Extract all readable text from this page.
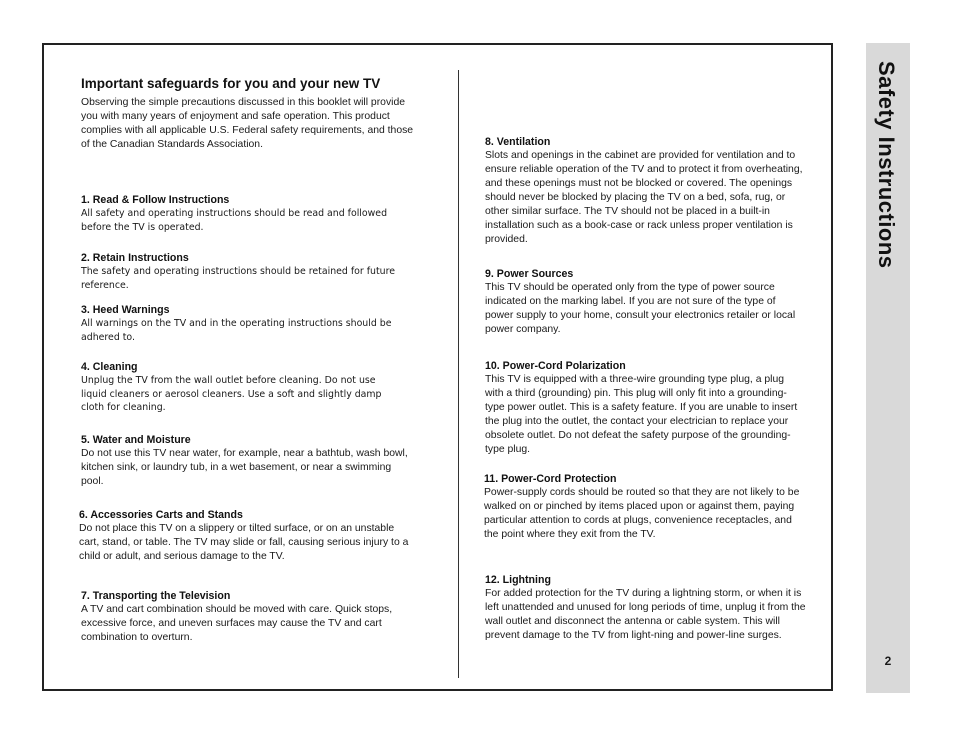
Important safeguards for you and your new TV

Observing the simple precautions discussed in this booklet will provide you with many years of enjoyment and safe operation. This product complies with all applicable U.S. Federal safety requirements, and those of the Canadian Standards Association.

1. Read & Follow Instructions

All safety and operating instructions should be read and followed before the TV is operated.

2. Retain Instructions

The safety and operating instructions should be retained for future reference.

3. Heed Warnings

All warnings on the TV and in the operating instructions should be adhered to.

4. Cleaning

Unplug the TV from the wall outlet before cleaning. Do not use liquid cleaners or aerosol cleaners. Use a soft and slightly damp cloth for cleaning.

5. Water and Moisture

Do not use this TV near water, for example, near a bathtub, wash bowl, kitchen sink, or laundry tub, in a wet basement, or near a swimming pool.

6. Accessories Carts and Stands

Do not place this TV on a slippery or tilted surface, or on an unstable cart, stand, or table. The TV may slide or fall, causing serious injury to a child or adult, and serious damage to the TV.

7. Transporting the Television

A TV and cart combination should be moved with care. Quick stops, excessive force, and uneven surfaces may cause the TV and cart combination to overturn.

8. Ventilation

Slots and openings in the cabinet are provided for ventilation and to ensure reliable operation of the TV and to protect it from overheating, and these openings must not be blocked or covered. The openings should never be blocked by placing the TV on a bed, sofa, rug, or other similar surface. The TV should not be placed in a built-in installation such as a book-case or rack unless proper ventilation is provided.

9. Power Sources

This TV should be operated only from the type of power source indicated on the marking label. If you are not sure of the type of power supply to your home, consult your electronics retailer or local power company.

10. Power-Cord Polarization

This TV is equipped with a three-wire grounding type plug, a plug with a third (grounding) pin. This plug will only fit into a grounding-type power outlet. This is a safety feature. If you are unable to insert the plug into the outlet, the contact your electrician to replace your obsolete outlet. Do not defeat the safety purpose of the grounding-type plug.

11. Power-Cord Protection

Power-supply cords should be routed so that they are not likely to be walked on or pinched by items placed upon or against them, paying particular attention to cords at plugs, convenience receptacles, and the point where they exit from the TV.

12. Lightning

For added protection for the TV during a lightning storm, or when it is left unattended and unused for long periods of time, unplug it from the wall outlet and disconnect the antenna or cable system. This will prevent damage to the TV from light-ning and power-line surges.

Safety Instructions
2
